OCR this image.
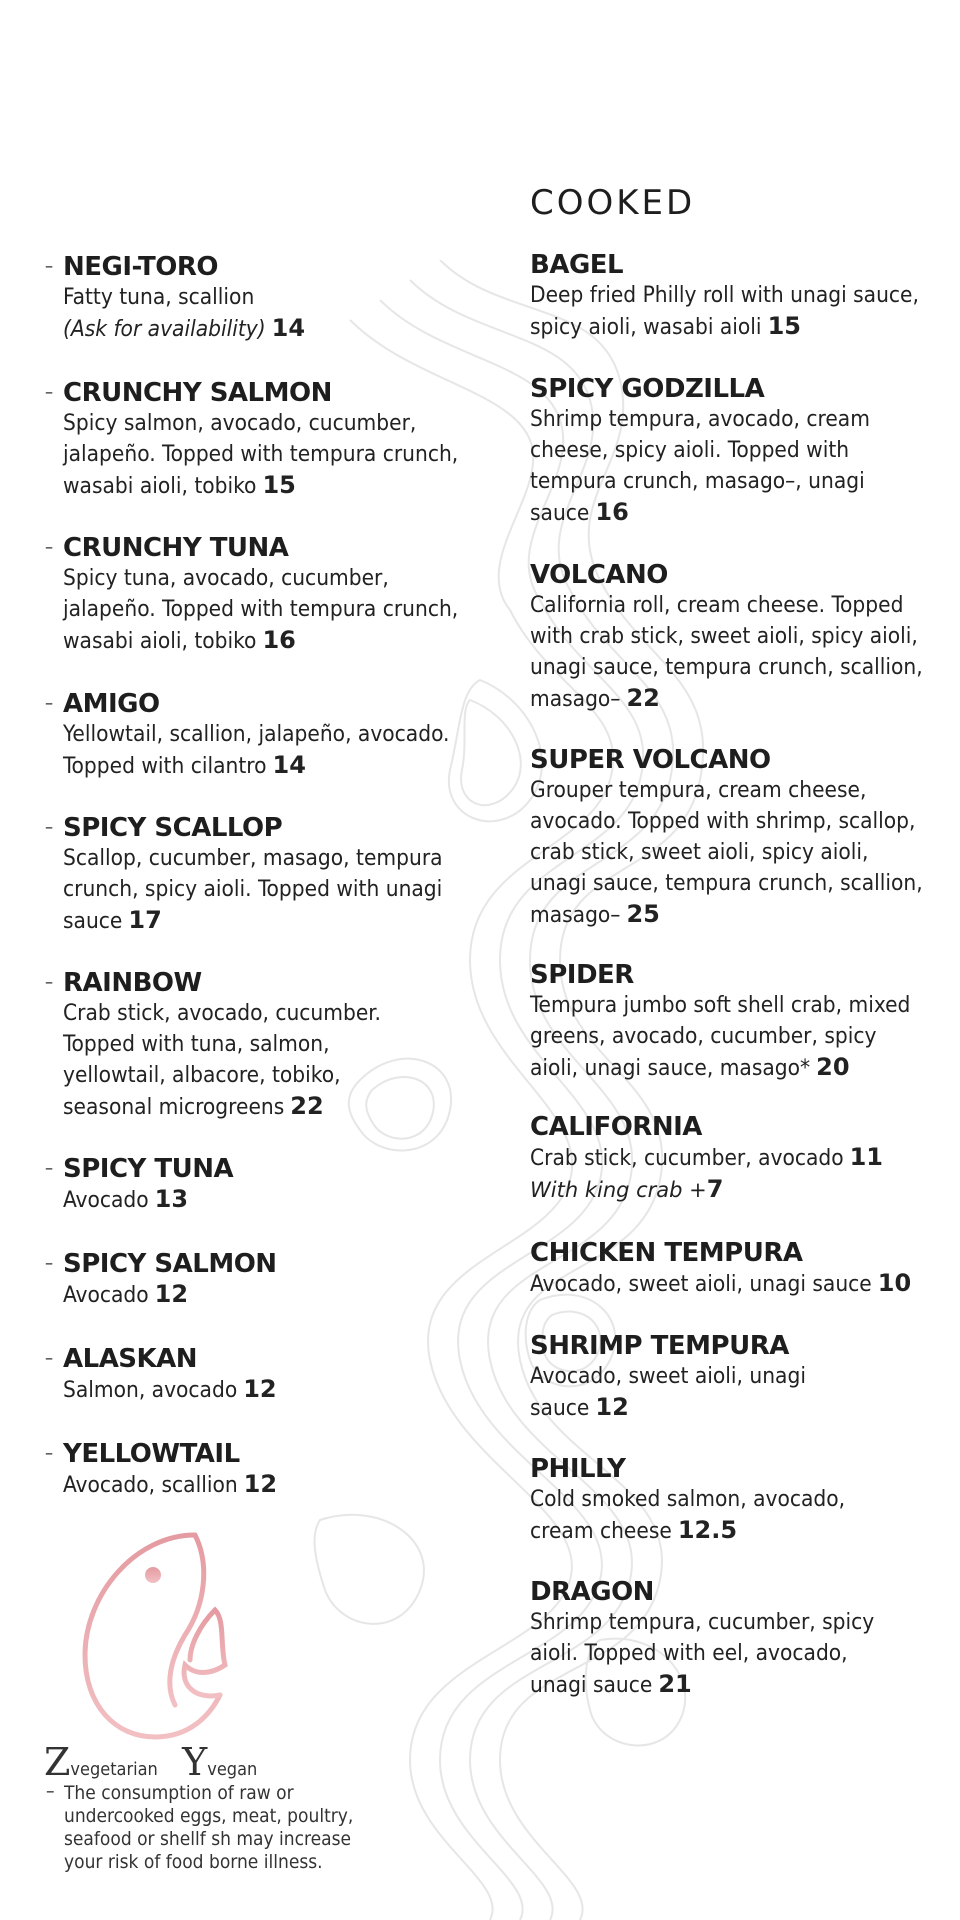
COOKED
– NEGI-TORO
Fatty tuna, scallion
(Ask for availability) 14
– CRUNCHY SALMON
Spicy salmon, avocado, cucumber, jalapeño. Topped with tempura crunch, wasabi aioli, tobiko 15
– CRUNCHY TUNA
Spicy tuna, avocado, cucumber, jalapeño. Topped with tempura crunch, wasabi aioli, tobiko 16
– AMIGO
Yellowtail, scallion, jalapeño, avocado. Topped with cilantro 14
– SPICY SCALLOP
Scallop, cucumber, masago, tempura crunch, spicy aioli. Topped with unagi sauce 17
– RAINBOW
Crab stick, avocado, cucumber. Topped with tuna, salmon, yellowtail, albacore, tobiko, seasonal microgreens 22
– SPICY TUNA
Avocado 13
– SPICY SALMON
Avocado 12
– ALASKAN
Salmon, avocado 12
– YELLOWTAIL
Avocado, scallion 12
BAGEL
Deep fried Philly roll with unagi sauce, spicy aioli, wasabi aioli 15
SPICY GODZILLA
Shrimp tempura, avocado, cream cheese, spicy aioli. Topped with tempura crunch, masago–, unagi sauce 16
VOLCANO
California roll, cream cheese. Topped with crab stick, sweet aioli, spicy aioli, unagi sauce, tempura crunch, scallion, masago– 22
SUPER VOLCANO
Grouper tempura, cream cheese, avocado. Topped with shrimp, scallop, crab stick, sweet aioli, spicy aioli, unagi sauce, tempura crunch, scallion, masago– 25
SPIDER
Tempura jumbo soft shell crab, mixed greens, avocado, cucumber, spicy aioli, unagi sauce, masago* 20
CALIFORNIA
Crab stick, cucumber, avocado 11
With king crab +7
CHICKEN TEMPURA
Avocado, sweet aioli, unagi sauce 10
SHRIMP TEMPURA
Avocado, sweet aioli, unagi sauce 12
PHILLY
Cold smoked salmon, avocado, cream cheese 12.5
DRAGON
Shrimp tempura, cucumber, spicy aioli. Topped with eel, avocado, unagi sauce 21
Zvegetarian Yvegan
– The consumption of raw or undercooked eggs, meat, poultry, seafood or shellf sh may increase your risk of food borne illness.
